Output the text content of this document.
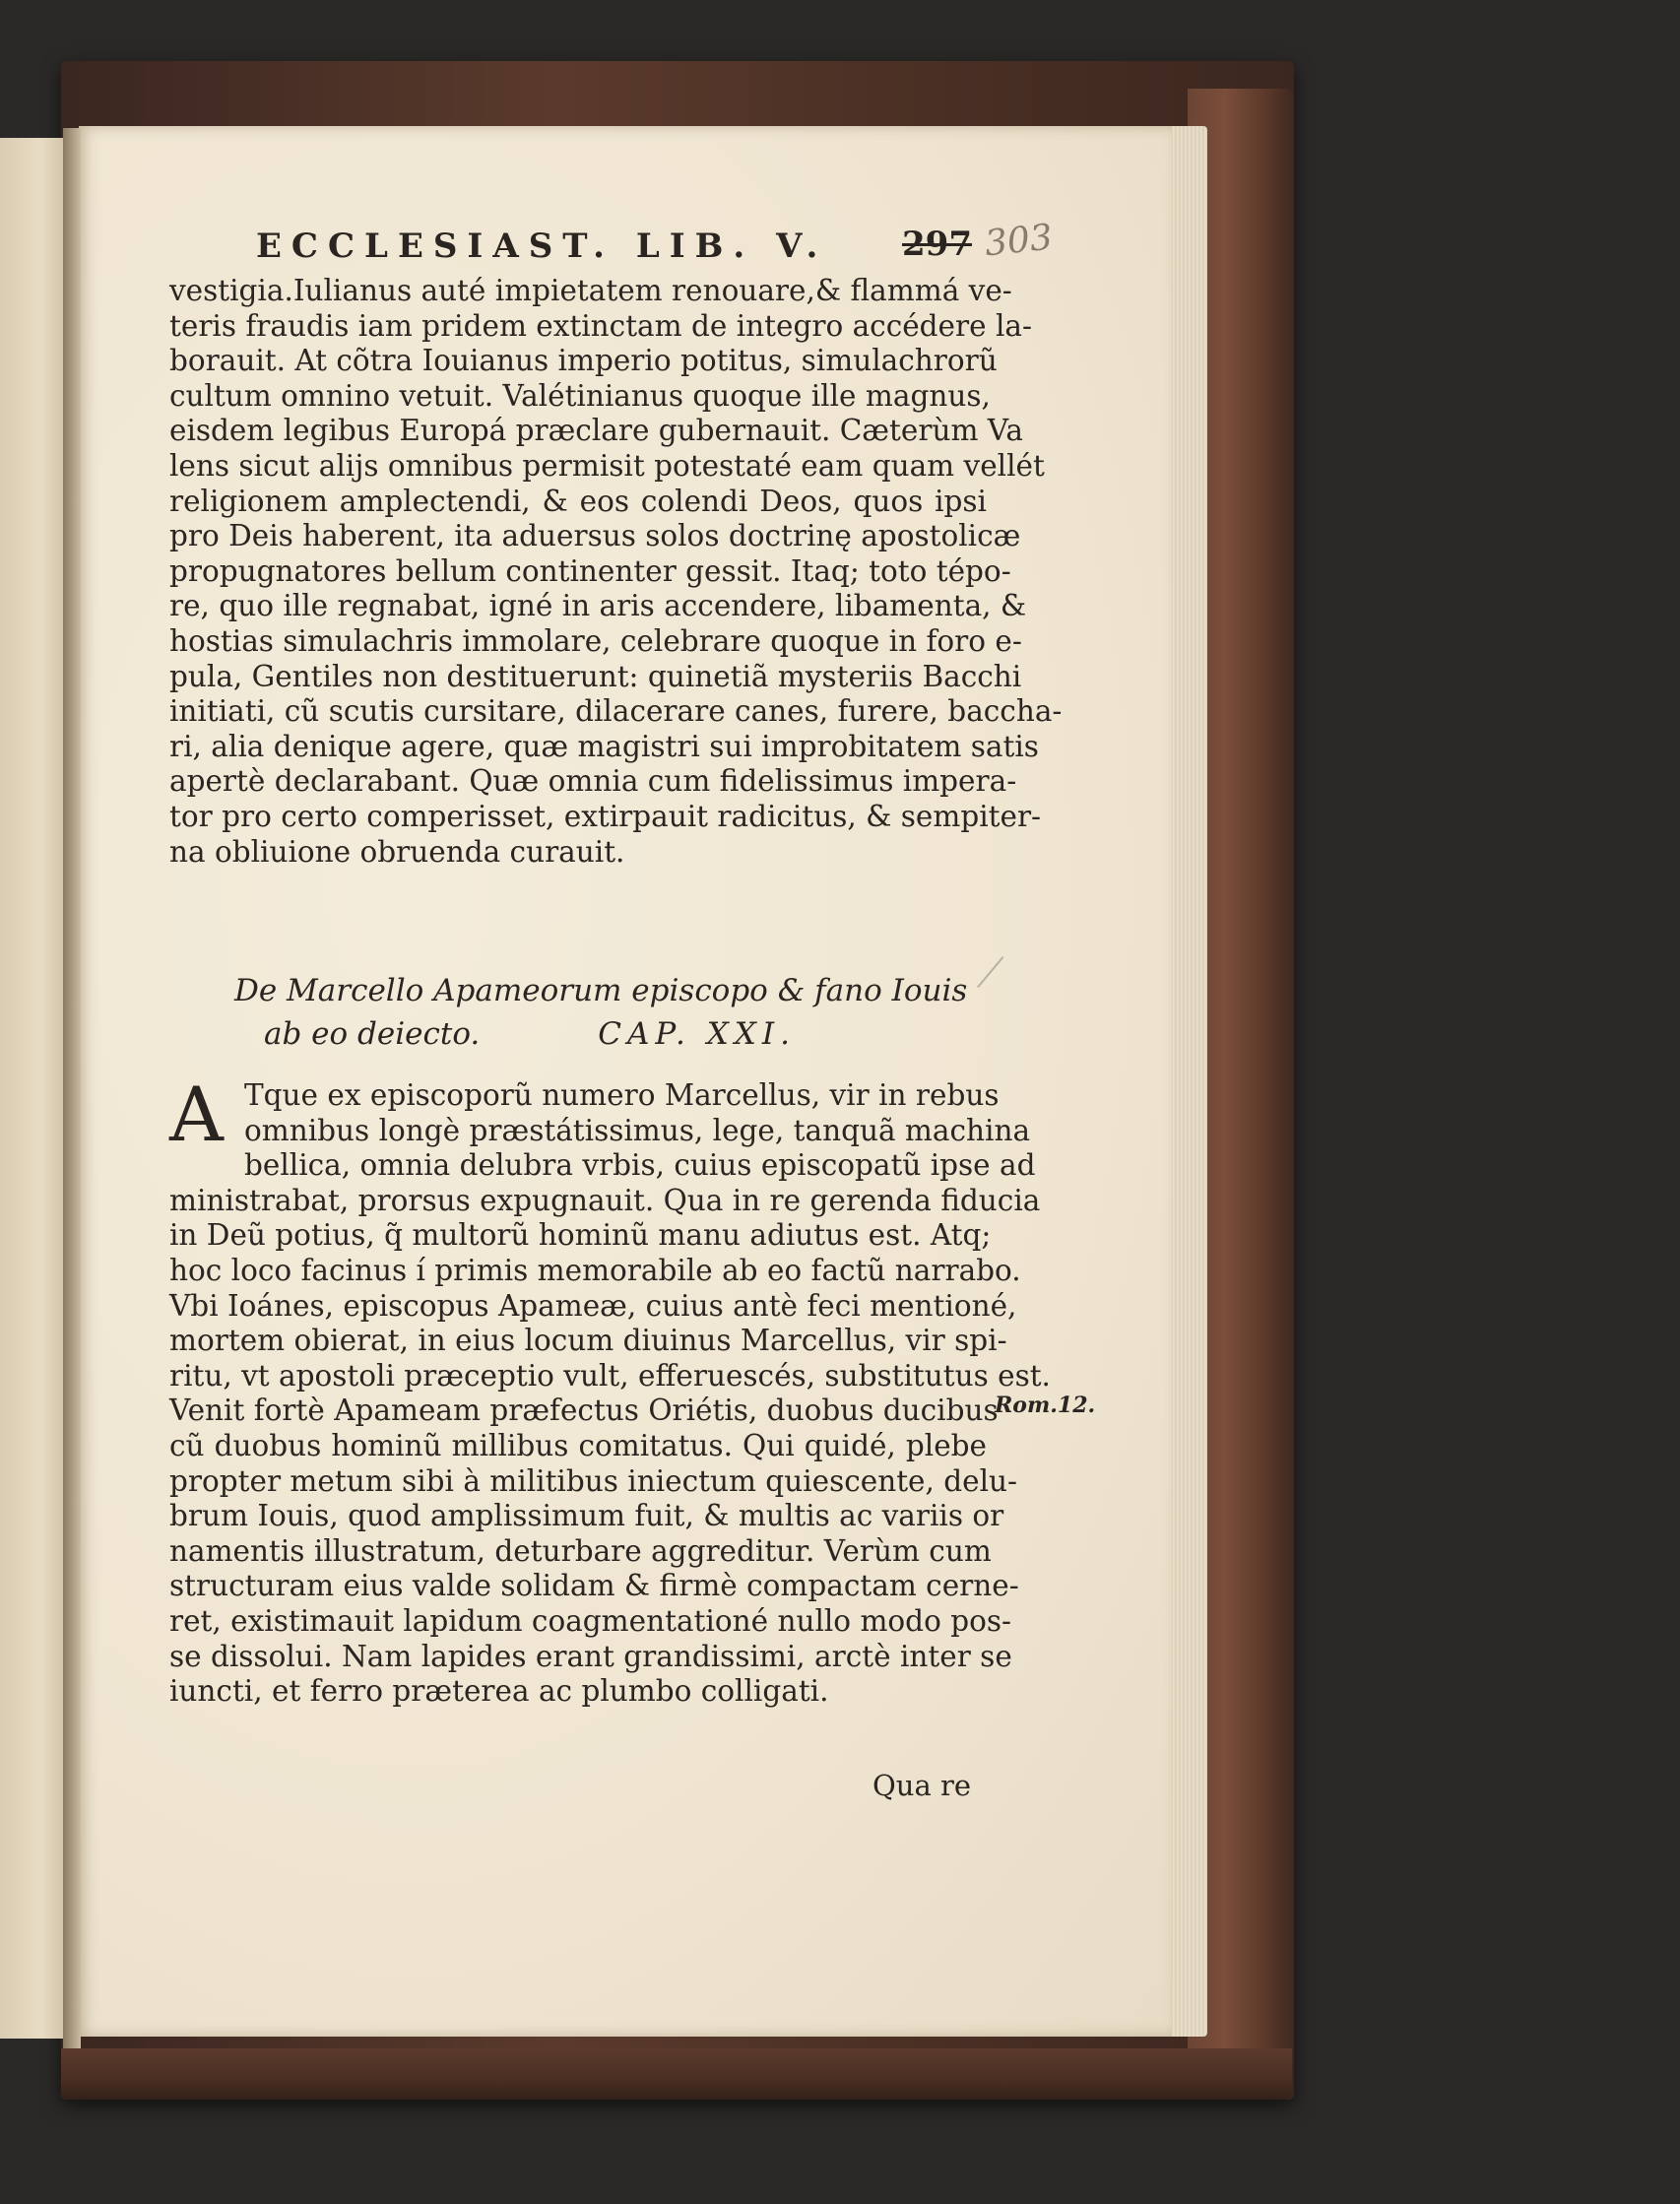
ECCLESIAST. LIB. V. 297 303
vestigia.Iulianus auté impietatem renouare,& flammá ve-
teris fraudis iam pridem extinctam de integro accédere la-
borauit. At cõtra Iouianus imperio potitus, simulachrorũ
cultum omnino vetuit. Valétinianus quoque ille magnus,
eisdem legibus Europá præclare gubernauit. Cæterùm Va
lens sicut alijs omnibus permisit potestaté eam quam vellét
religionem amplectendi, & eos colendi Deos, quos ipsi
pro Deis haberent, ita aduersus solos doctrinę apostolicæ
propugnatores bellum continenter gessit. Itaq; toto tépo-
re, quo ille regnabat, igné in aris accendere, libamenta, &
hostias simulachris immolare, celebrare quoque in foro e-
pula, Gentiles non destituerunt: quinetiã mysteriis Bacchi
initiati, cũ scutis cursitare, dilacerare canes, furere, baccha-
ri, alia denique agere, quæ magistri sui improbitatem satis
apertè declarabant. Quæ omnia cum fidelissimus impera-
tor pro certo comperisset, extirpauit radicitus, & sempiter-
na obliuione obruenda curauit.
De Marcello Apameorum episcopo & fano Iouis
ab eo deiecto.	CAP. XXI.
A Tque ex episcoporũ numero Marcellus, vir in rebus
omnibus longè præstátissimus, lege, tanquã machina
bellica, omnia delubra vrbis, cuius episcopatũ ipse ad
ministrabat, prorsus expugnauit. Qua in re gerenda fiducia
in Deũ potius, q̃ multorũ hominũ manu adiutus est. Atq;
hoc loco facinus í primis memorabile ab eo factũ narrabo.
Vbi Ioánes, episcopus Apameæ, cuius antè feci mentioné,
mortem obierat, in eius locum diuinus Marcellus, vir spi-
ritu, vt apostoli præceptio vult, efferuescés, substitutus est.
Venit fortè Apameam præfectus Oriétis, duobus ducibus
cũ duobus hominũ millibus comitatus. Qui quidé, plebe
propter metum sibi à militibus iniectum quiescente, delu-
brum Iouis, quod amplissimum fuit, & multis ac variis or
namentis illustratum, deturbare aggreditur. Verùm cum
structuram eius valde solidam & firmè compactam cerne-
ret, existimauit lapidum coagmentationé nullo modo pos-
se dissolui. Nam lapides erant grandissimi, arctè inter se
iuncti, et ferro præterea ac plumbo colligati.
Rom.12.
Qua re
